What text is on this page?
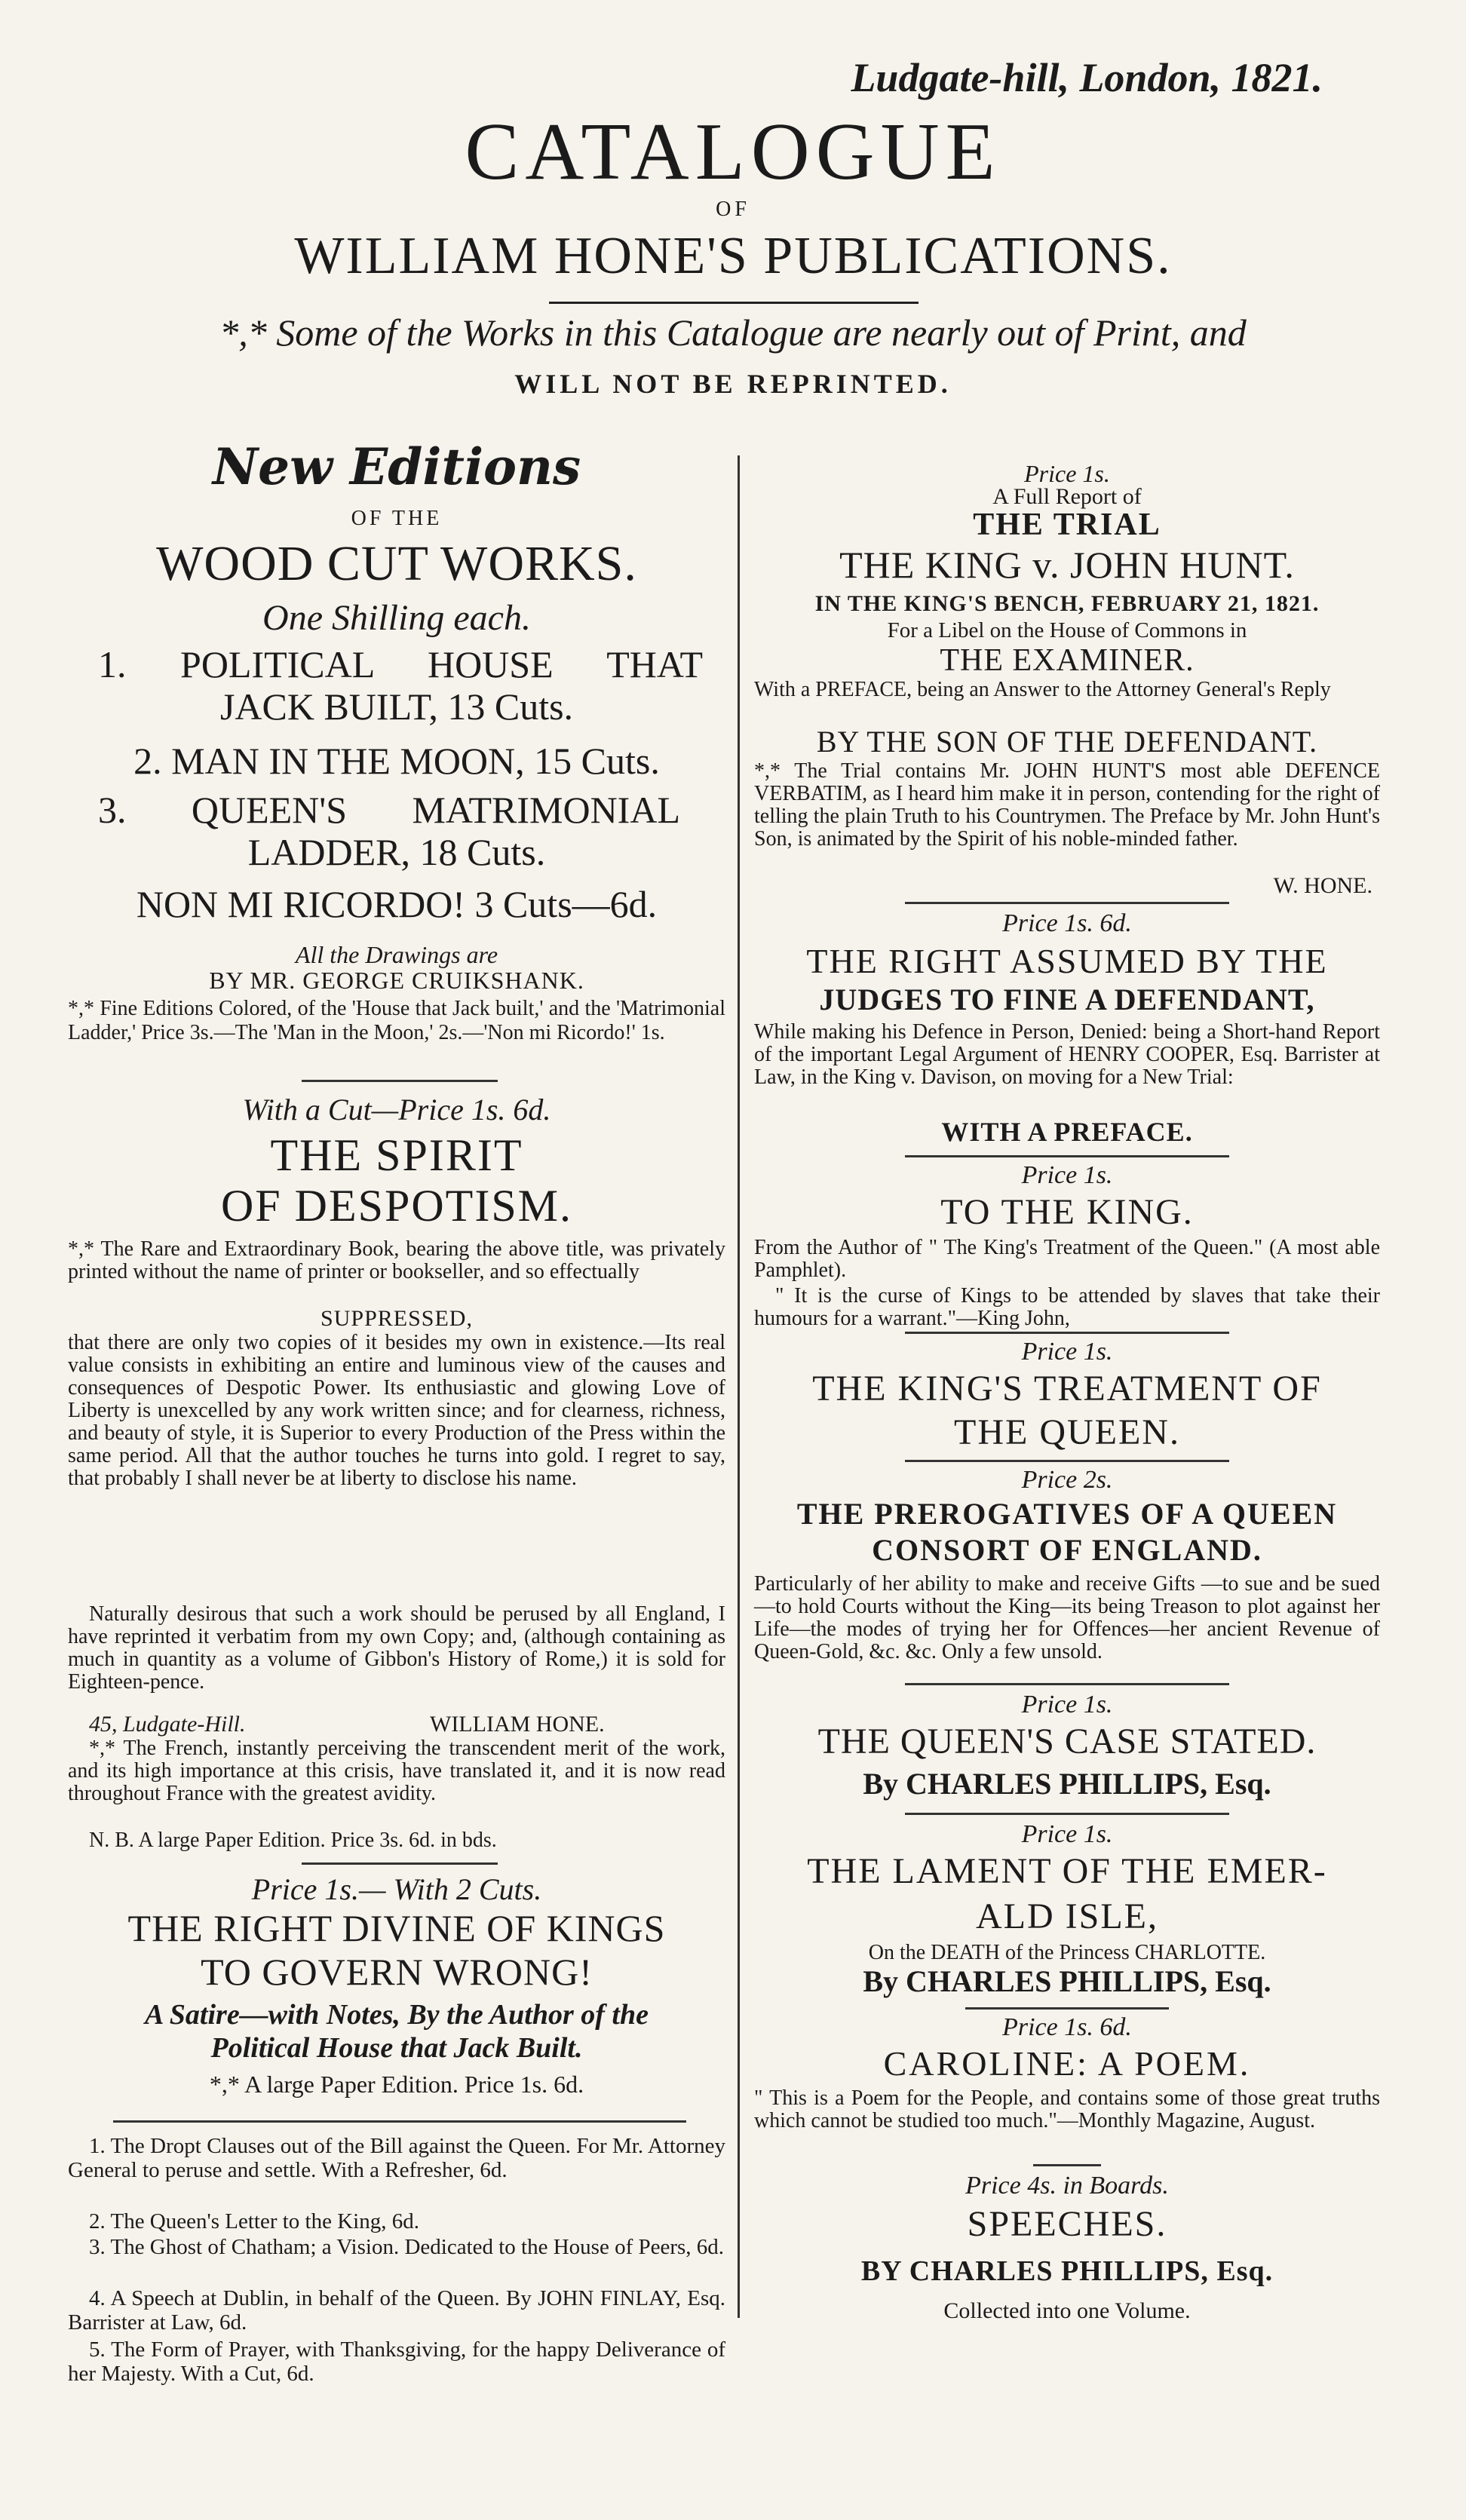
Ludgate-hill, London, 1821.
CATALOGUE
OF
WILLIAM HONE'S PUBLICATIONS.
*,* Some of the Works in this Catalogue are nearly out of Print, and
WILL NOT BE REPRINTED.
New Editions
OF THE
WOOD CUT WORKS.
One Shilling each.
1. POLITICAL HOUSE THAT
JACK BUILT, 13 Cuts.
2. MAN IN THE MOON, 15 Cuts.
3. QUEEN'S MATRIMONIAL
LADDER, 18 Cuts.
NON MI RICORDO! 3 Cuts—6d.
All the Drawings are
BY MR. GEORGE CRUIKSHANK.

*,* Fine Editions Colored, of the 'House that Jack built,' and the 'Matrimonial Ladder,' Price 3s.—The 'Man in the Moon,' 2s.—'Non mi Ricordo!' 1s.

With a Cut—Price 1s. 6d.
THE SPIRIT
OF DESPOTISM.

*,* The Rare and Extraordinary Book, bearing the above title, was privately printed without the name of printer or bookseller, and so effectually

SUPPRESSED,

that there are only two copies of it besides my own in existence.—Its real value consists in exhibiting an entire and luminous view of the causes and consequences of Despotic Power. Its enthusiastic and glowing Love of Liberty is unexcelled by any work written since; and for clearness, richness, and beauty of style, it is Superior to every Production of the Press within the same period. All that the author touches he turns into gold. I regret to say, that probably I shall never be at liberty to disclose his name.

Naturally desirous that such a work should be perused by all England, I have reprinted it verbatim from my own Copy; and, (although containing as much in quantity as a volume of Gibbon's History of Rome,) it is sold for Eighteen-pence.

45, Ludgate-Hill.	WILLIAM HONE.

*,* The French, instantly perceiving the transcendent merit of the work, and its high importance at this crisis, have translated it, and it is now read throughout France with the greatest avidity.

N. B. A large Paper Edition. Price 3s. 6d. in bds.

Price 1s.— With 2 Cuts.
THE RIGHT DIVINE OF KINGS
TO GOVERN WRONG!
A Satire—with Notes, By the Author of the
Political House that Jack Built.
*,* A large Paper Edition. Price 1s. 6d.

1. The Dropt Clauses out of the Bill against the Queen. For Mr. Attorney General to peruse and settle. With a Refresher, 6d.

2. The Queen's Letter to the King, 6d.

3. The Ghost of Chatham; a Vision. Dedicated to the House of Peers, 6d.

4. A Speech at Dublin, in behalf of the Queen. By JOHN FINLAY, Esq. Barrister at Law, 6d.

5. The Form of Prayer, with Thanksgiving, for the happy Deliverance of her Majesty. With a Cut, 6d.

Price 1s.
A Full Report of
THE TRIAL
THE KING v. JOHN HUNT.
IN THE KING'S BENCH, FEBRUARY 21, 1821.
For a Libel on the House of Commons in
THE EXAMINER.

With a PREFACE, being an Answer to the Attorney General's Reply

BY THE SON OF THE DEFENDANT.

*,* The Trial contains Mr. JOHN HUNT'S most able DEFENCE VERBATIM, as I heard him make it in person, contending for the right of telling the plain Truth to his Countrymen. The Preface by Mr. John Hunt's Son, is animated by the Spirit of his noble-minded father.

W. HONE.
Price 1s. 6d.
THE RIGHT ASSUMED BY THE
JUDGES TO FINE A DEFENDANT,

While making his Defence in Person, Denied: being a Short-hand Report of the important Legal Argument of HENRY COOPER, Esq. Barrister at Law, in the King v. Davison, on moving for a New Trial:

WITH A PREFACE.
Price 1s.
TO THE KING.

From the Author of " The King's Treatment of the Queen." (A most able Pamphlet).

" It is the curse of Kings to be attended by slaves that take their humours for a warrant."—King John,

Price 1s.
THE KING'S TREATMENT OF
THE QUEEN.
Price 2s.
THE PREROGATIVES OF A QUEEN
CONSORT OF ENGLAND.

Particularly of her ability to make and receive Gifts —to sue and be sued—to hold Courts without the King—its being Treason to plot against her Life—the modes of trying her for Offences—her ancient Revenue of Queen-Gold, &c. &c. Only a few unsold.

Price 1s.
THE QUEEN'S CASE STATED.
By CHARLES PHILLIPS, Esq.
Price 1s.
THE LAMENT OF THE EMER-
ALD ISLE,
On the DEATH of the Princess CHARLOTTE.
By CHARLES PHILLIPS, Esq.
Price 1s. 6d.
CAROLINE: A POEM.

" This is a Poem for the People, and contains some of those great truths which cannot be studied too much."—Monthly Magazine, August.

Price 4s. in Boards.
SPEECHES.
BY CHARLES PHILLIPS, Esq.
Collected into one Volume.
